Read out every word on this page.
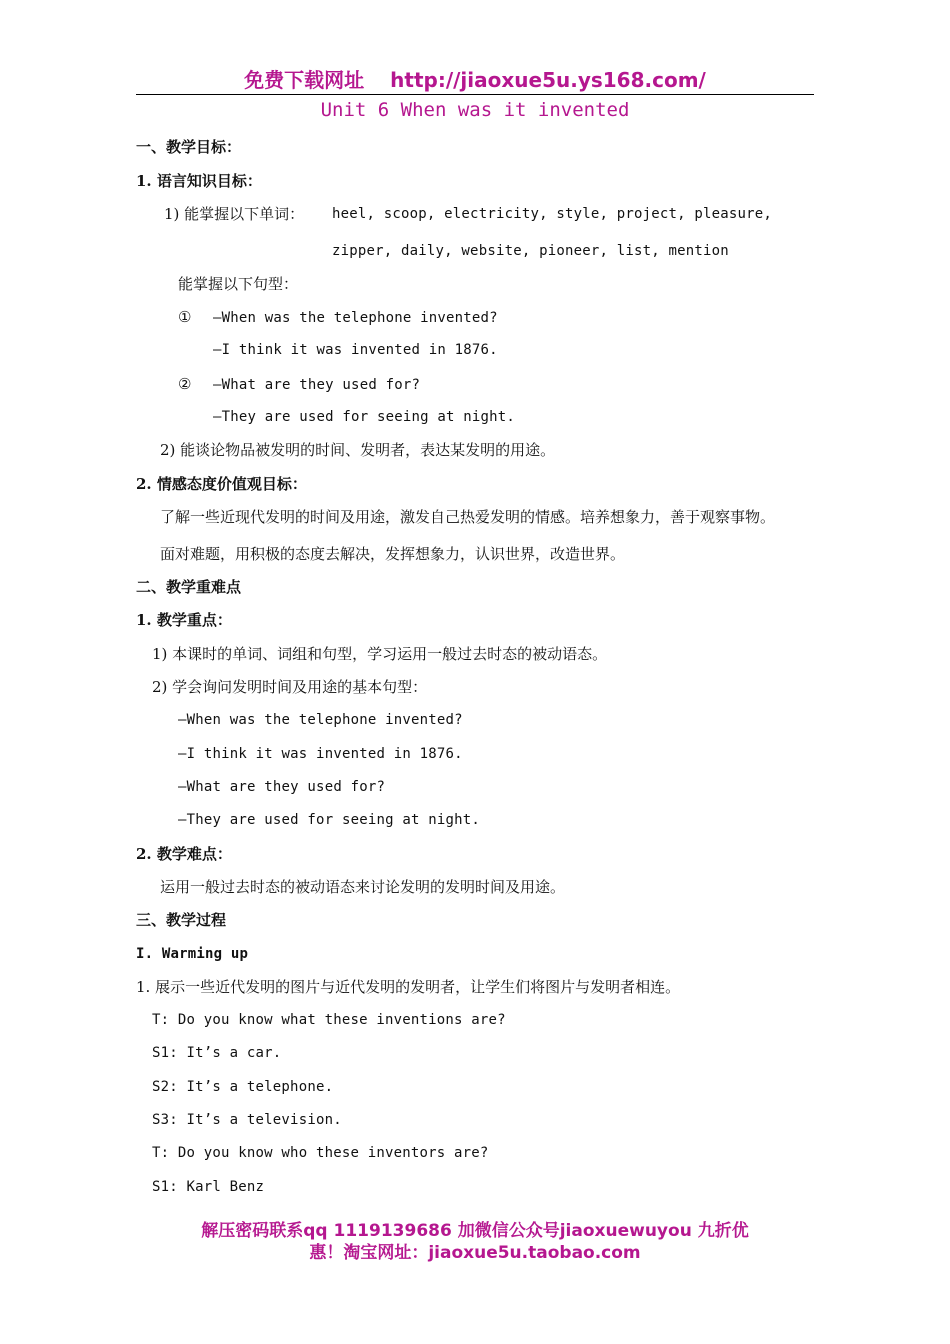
免费下载网址 http://jiaoxue5u.ys168.com/
Unit 6 When was it invented
一、教学目标：
1. 语言知识目标：
1) 能掌握以下单词： heel, scoop, electricity, style, project, pleasure,
zipper, daily, website, pioneer, list, mention
能掌握以下句型：
① —When was the telephone invented?
—I think it was invented in 1876.
② —What are they used for?
—They are used for seeing at night.
2) 能谈论物品被发明的时间、发明者，表达某发明的用途。
2. 情感态度价值观目标：
了解一些近现代发明的时间及用途，激发自己热爱发明的情感。培养想象力，善于观察事物。
面对难题，用积极的态度去解决，发挥想象力，认识世界，改造世界。
二、教学重难点
1. 教学重点：
1) 本课时的单词、词组和句型，学习运用一般过去时态的被动语态。
2) 学会询问发明时间及用途的基本句型：
—When was the telephone invented?
—I think it was invented in 1876.
—What are they used for?
—They are used for seeing at night.
2. 教学难点：
运用一般过去时态的被动语态来讨论发明的发明时间及用途。
三、教学过程
I. Warming up
1. 展示一些近代发明的图片与近代发明的发明者，让学生们将图片与发明者相连。
T: Do you know what these inventions are?
S1: It’s a car.
S2: It’s a telephone.
S3: It’s a television.
T: Do you know who these inventors are?
S1: Karl Benz
解压密码联系qq 1119139686 加微信公众号jiaoxuewuyou 九折优
惠！淘宝网址：jiaoxue5u.taobao.com
